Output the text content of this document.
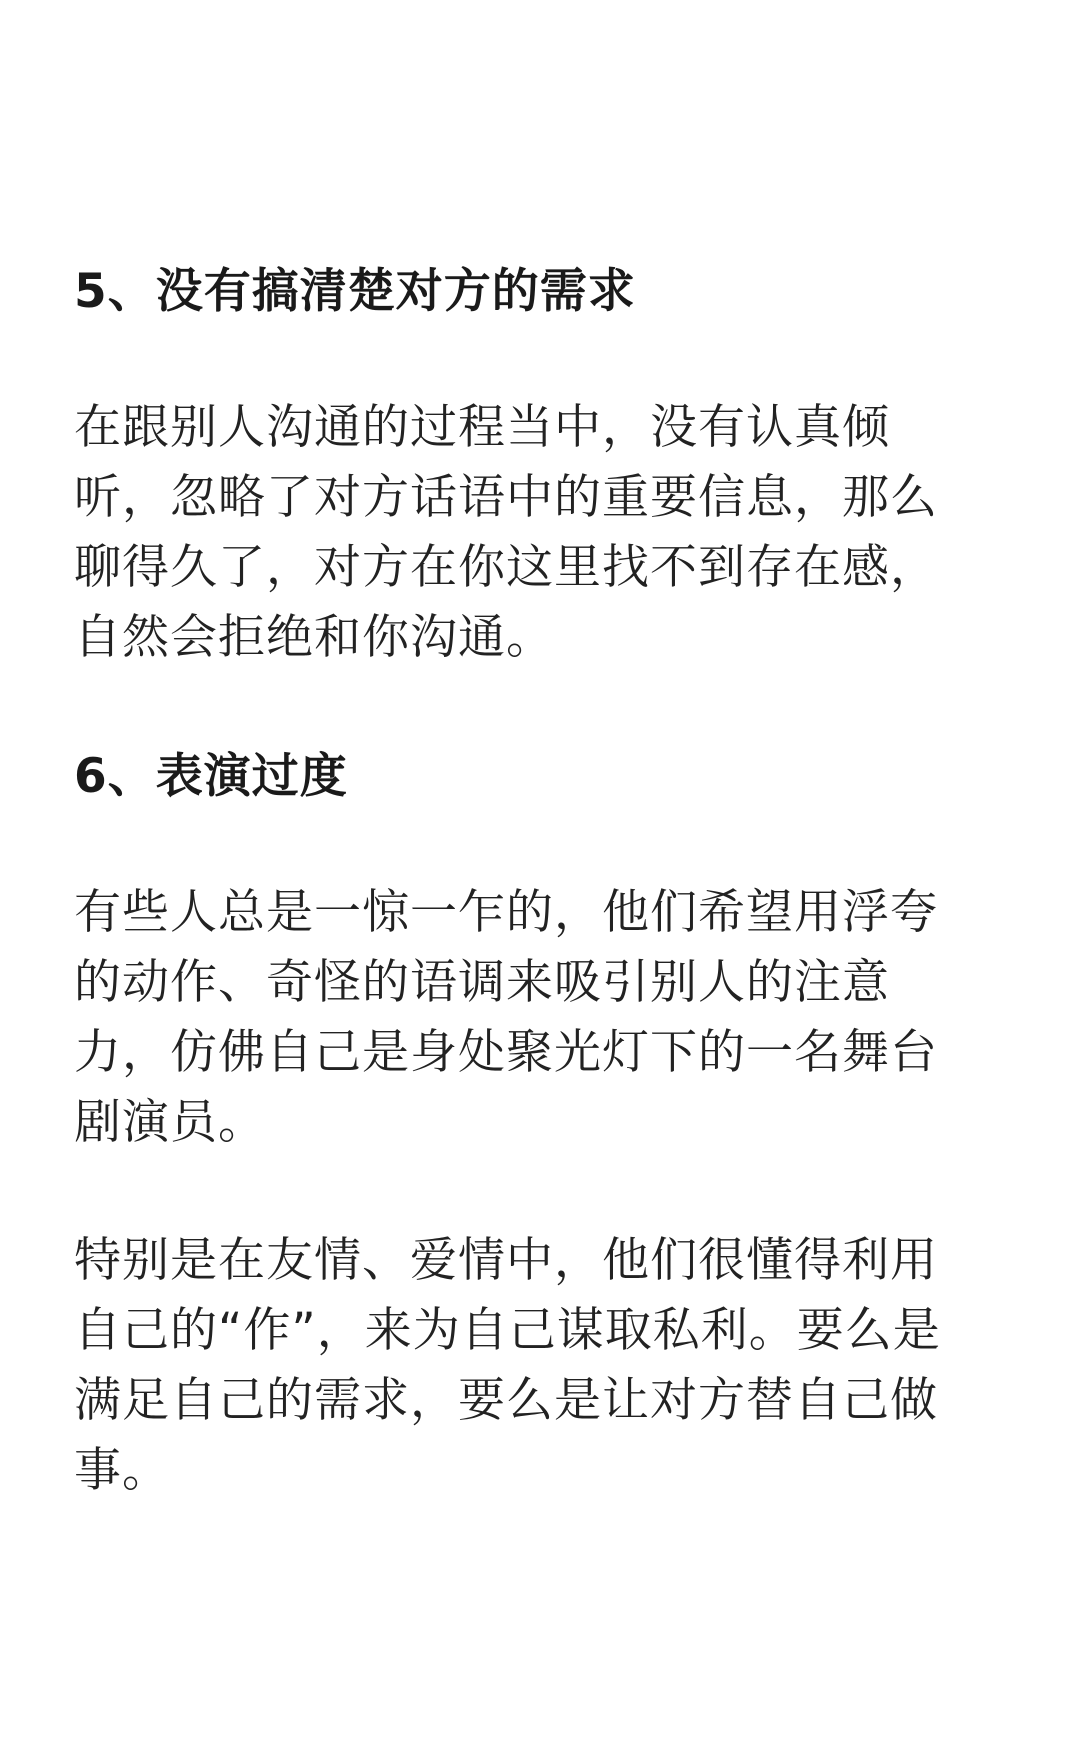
5、没有搞清楚对方的需求

在跟别人沟通的过程当中，没有认真倾
听，忽略了对方话语中的重要信息，那么
聊得久了，对方在你这里找不到存在感，
自然会拒绝和你沟通。

6、表演过度

有些人总是一惊一乍的，他们希望用浮夸
的动作、奇怪的语调来吸引别人的注意
力，仿佛自己是身处聚光灯下的一名舞台
剧演员。

特别是在友情、爱情中，他们很懂得利用
自己的“作”，来为自己谋取私利。要么是
满足自己的需求，要么是让对方替自己做
事。
